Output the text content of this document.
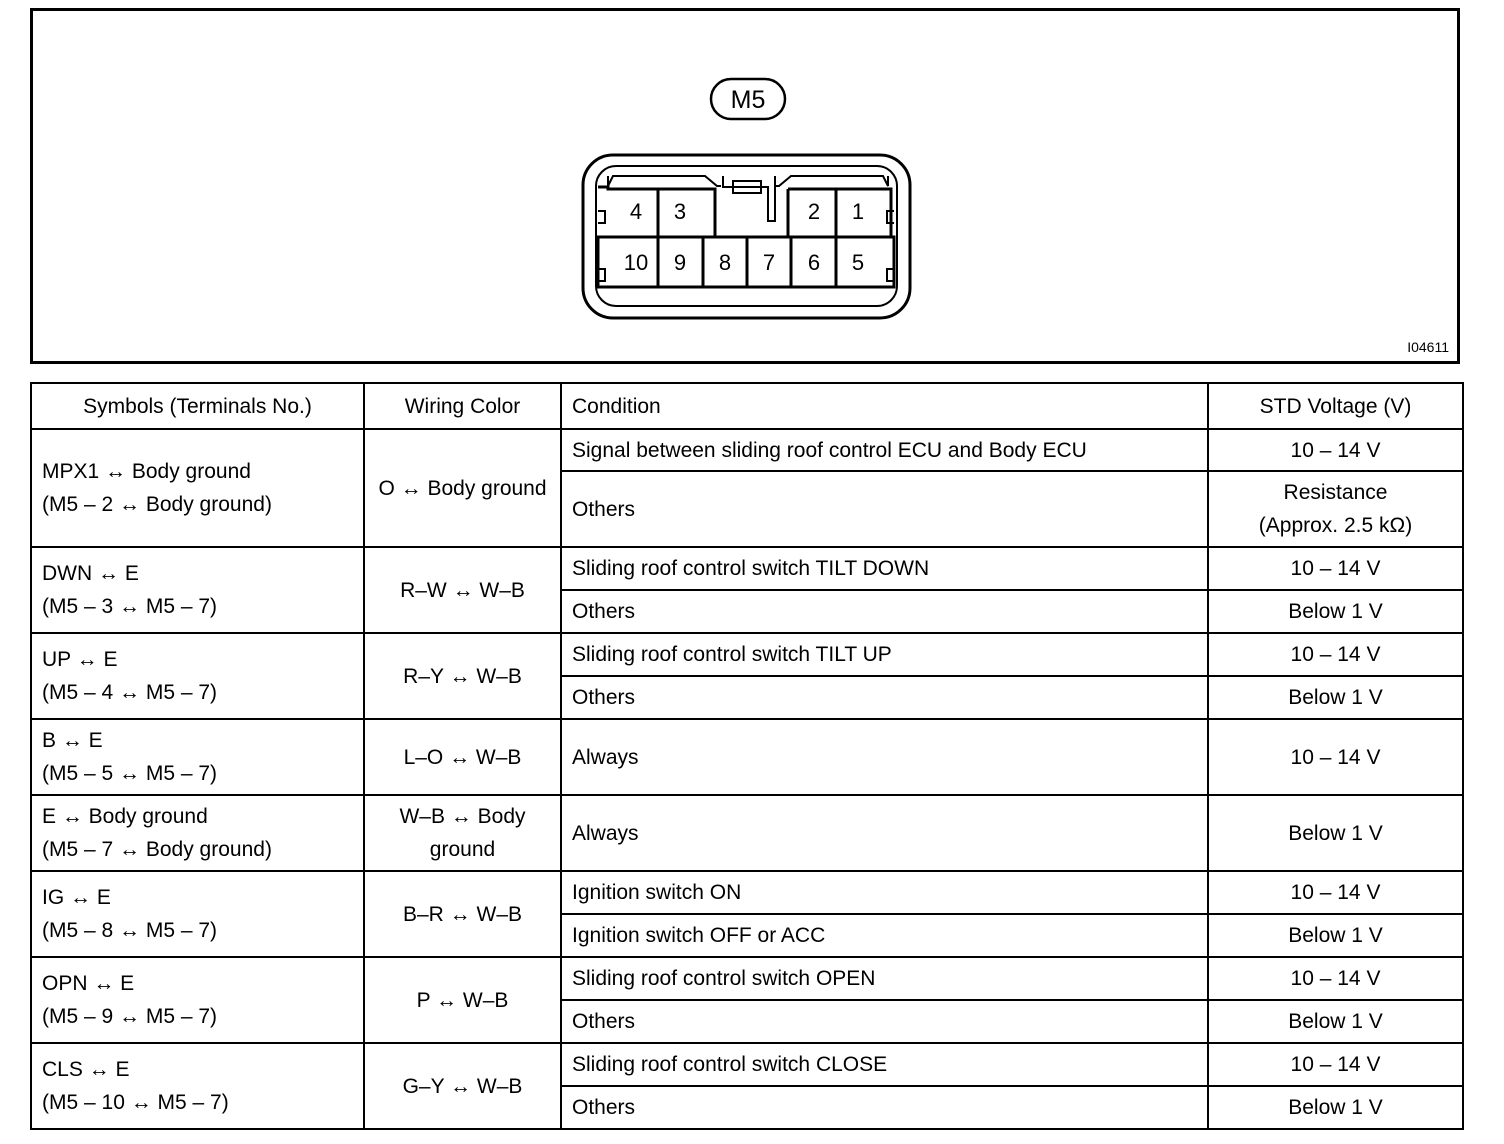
M5
4 3	2 1
10 9 8 7 6 5
I04611
Symbols (Terminals No.)	Wiring Color	Condition	STD Voltage (V)

MPX1 ↔ Body ground
(M5 – 2 ↔ Body ground)	O ↔ Body ground	Signal between sliding roof control ECU and Body ECU	10 – 14 V
		Others	Resistance
(Approx. 2.5 kΩ)

DWN ↔ E
(M5 – 3 ↔ M5 – 7)	R–W ↔ W–B	Sliding roof control switch TILT DOWN	10 – 14 V
		Others	Below 1 V

UP ↔ E
(M5 – 4 ↔ M5 – 7)	R–Y ↔ W–B	Sliding roof control switch TILT UP	10 – 14 V
		Others	Below 1 V

B ↔ E
(M5 – 5 ↔ M5 – 7)	L–O ↔ W–B	Always	10 – 14 V

E ↔ Body ground
(M5 – 7 ↔ Body ground)	W–B ↔ Body
ground	Always	Below 1 V

IG ↔ E
(M5 – 8 ↔ M5 – 7)	B–R ↔ W–B	Ignition switch ON	10 – 14 V
		Ignition switch OFF or ACC	Below 1 V

OPN ↔ E
(M5 – 9 ↔ M5 – 7)	P ↔ W–B	Sliding roof control switch OPEN	10 – 14 V
		Others	Below 1 V

CLS ↔ E
(M5 – 10 ↔ M5 – 7)	G–Y ↔ W–B	Sliding roof control switch CLOSE	10 – 14 V
		Others	Below 1 V
